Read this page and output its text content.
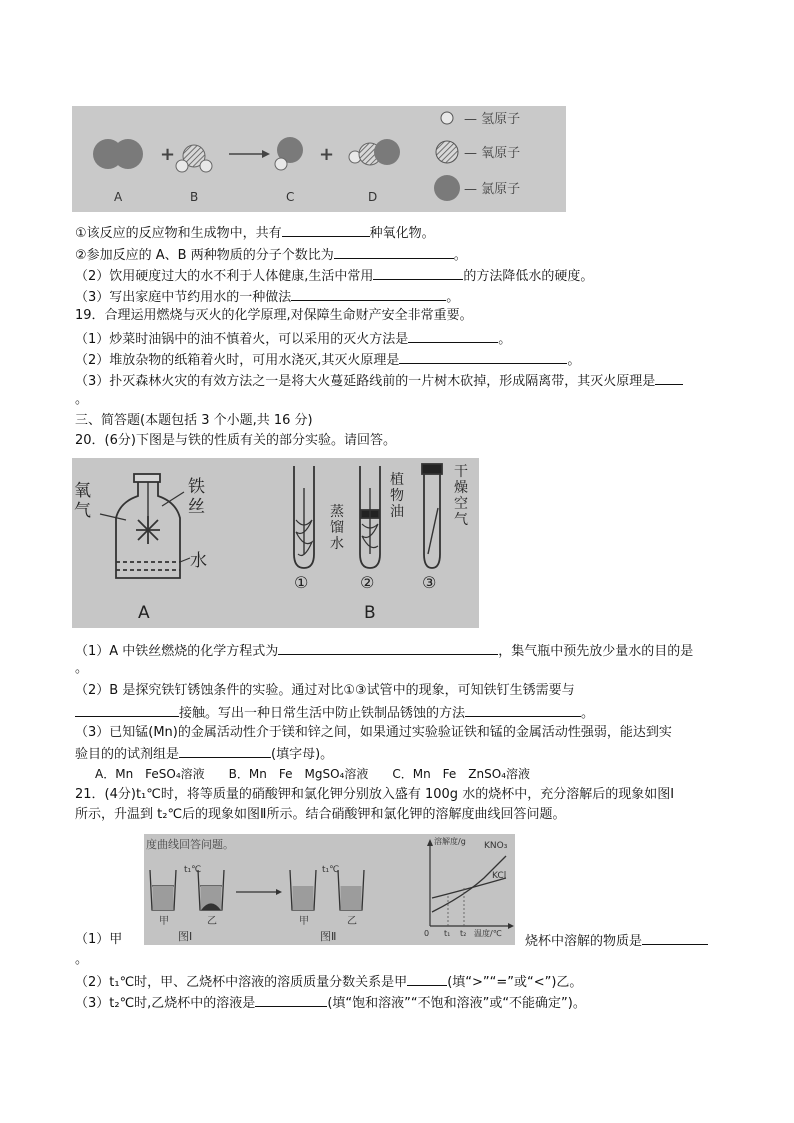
+	+
A	B	C	D
— 氢原子
— 氧原子
— 氯原子
①该反应的反应物和生成物中，共有	种氧化物。
②参加反应的 A、B 两种物质的分子个数比为	。
（2）饮用硬度过大的水不利于人体健康,生活中常用	的方法降低水的硬度。
（3）写出家庭中节约用水的一种做法	。
19．合理运用燃烧与灭火的化学原理,对保障生命财产安全非常重要。
（1）炒菜时油锅中的油不慎着火，可以采用的灭火方法是	。
（2）堆放杂物的纸箱着火时，可用水浇灭,其灭火原理是	。
（3）扑灭森林火灾的有效方法之一是将大火蔓延路线前的一片树木砍掉，形成隔离带，其灭火原理是
。
三、简答题(本题包括 3 个小题,共 16 分)
20．(6分)下图是与铁的性质有关的部分实验。请回答。
氧
气
铁
丝
水
A
蒸
馏
水
植
物
油
干
燥
空
气
①	②	③
B
（1）A 中铁丝燃烧的化学方程式为	，集气瓶中预先放少量水的目的是
。
（2）B 是探究铁钉锈蚀条件的实验。通过对比①③试管中的现象，可知铁钉生锈需要与
接触。写出一种日常生活中防止铁制品锈蚀的方法	。
（3）已知锰(Mn)的金属活动性介于镁和锌之间，如果通过实验验证铁和锰的金属活动性强弱，能达到实
验目的的试剂组是	(填字母)。
A．Mn　FeSO₄溶液　　B．Mn　Fe　MgSO₄溶液　　C．Mn　Fe　ZnSO₄溶液
21．(4分)t₁℃时，将等质量的硝酸钾和氯化钾分别放入盛有 100g 水的烧杯中，充分溶解后的现象如图Ⅰ
所示，升温到 t₂℃后的现象如图Ⅱ所示。结合硝酸钾和氯化钾的溶解度曲线回答问题。
度曲线回答问题。
t₁℃
甲	乙
图Ⅰ
t₁℃
甲	乙
图Ⅱ
溶解度/g KNO₃
KCl
0 t₁ t₂ 温度/℃
（1）甲	烧杯中溶解的物质是
。
（2）t₁℃时，甲、乙烧杯中溶液的溶质质量分数关系是甲	(填“>”“=”或“<”)乙。
（3）t₂℃时,乙烧杯中的溶液是	(填“饱和溶液”“不饱和溶液”或“不能确定”)。
